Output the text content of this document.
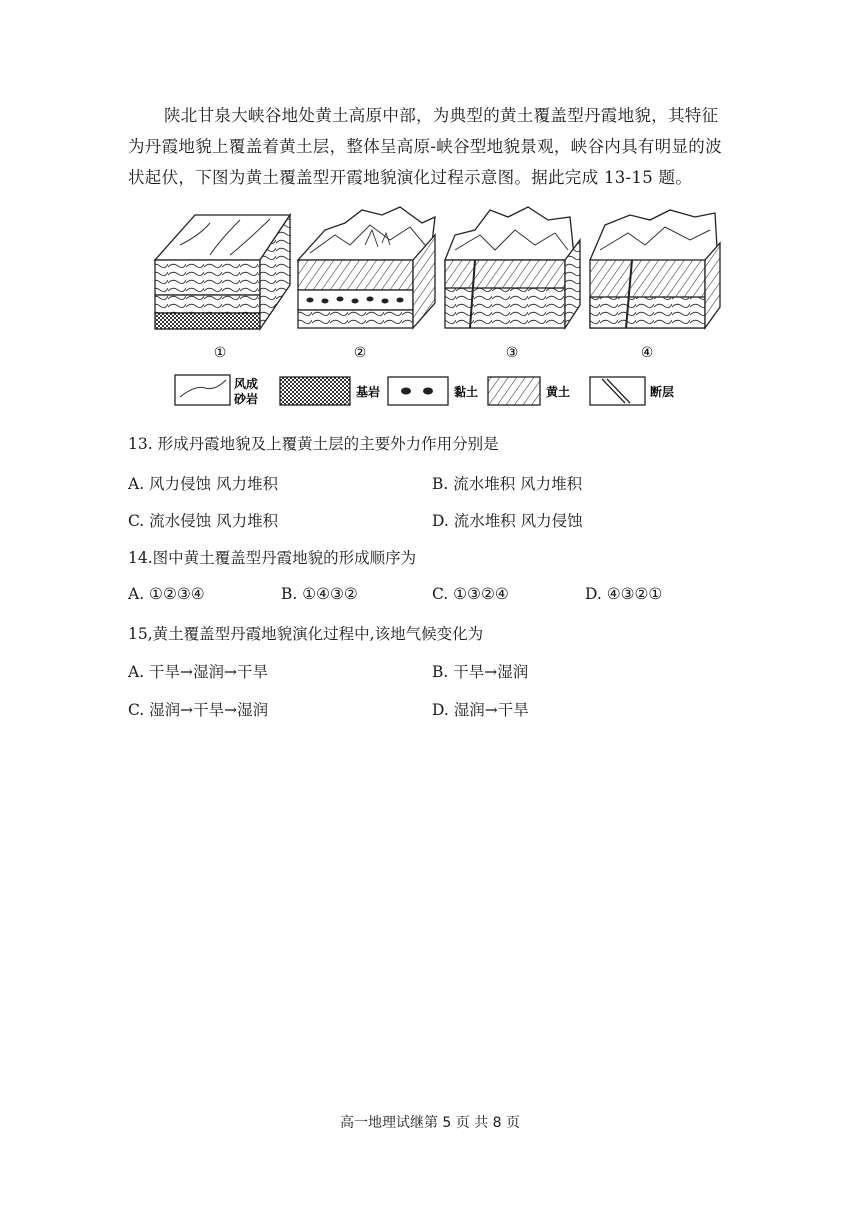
陕北甘泉大峡谷地处黄土高原中部，为典型的黄土覆盖型丹霞地貌，其特征

为丹霞地貌上覆盖着黄土层，整体呈高原-峡谷型地貌景观，峡谷内具有明显的波

状起伏，下图为黄土覆盖型开霞地貌演化过程示意图。据此完成 13-15 题。

①	②	③	④
风成
砂岩	基岩	黏土	黄土	断层
13. 形成丹霞地貌及上覆黄土层的主要外力作用分别是
A. 风力侵蚀 风力堆积	B. 流水堆积 风力堆积
C. 流水侵蚀 风力堆积	D. 流水堆积 风力侵蚀
14.图中黄土覆盖型丹霞地貌的形成顺序为
A. ①②③④	B. ①④③②	C. ①③②④	D. ④③②①
15,黄土覆盖型丹霞地貌演化过程中,该地气候变化为
A. 干旱→湿润→干旱	B. 干旱→湿润
C. 湿润→干旱→湿润	D. 湿润→干旱
高一地理试继第 5 页 共 8 页
